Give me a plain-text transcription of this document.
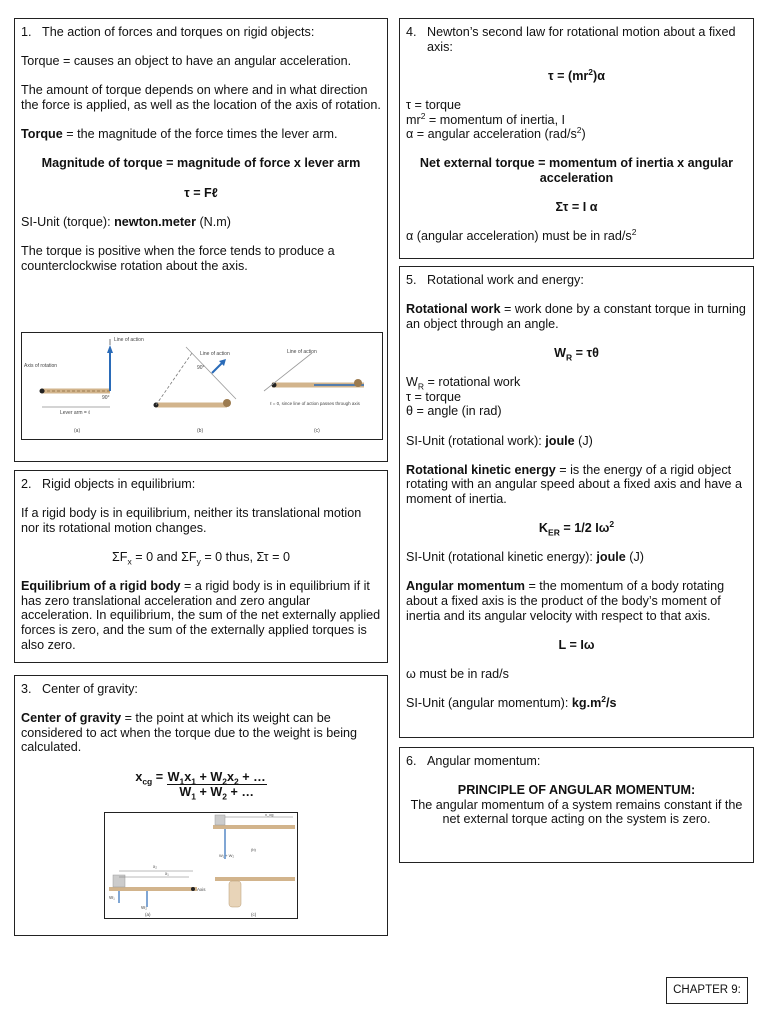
1. The action of forces and torques on rigid objects:

Torque = causes an object to have an angular acceleration.

The amount of torque depends on where and in what direction the force is applied, as well as the location of the axis of rotation.

Torque = the magnitude of the force times the lever arm.

Magnitude of torque = magnitude of force x lever arm

τ = Fℓ

SI-Unit (torque): newton.meter (N.m)

The torque is positive when the force tends to produce a counterclockwise rotation about the axis.

Line of action
Axis of rotation
90°
Lever arm = ℓ
(a)
Line of action
90°
(b)
Line of action
ℓ = 0, since line of action passes through axis
(c)
2. Rigid objects in equilibrium:

If a rigid body is in equilibrium, neither its translational motion nor its rotational motion changes.

$\Sigma F_x = 0$ and $\Sigma F_y = 0$ thus, Στ = 0

Equilibrium of a rigid body = a rigid body is in equilibrium if it has zero translational acceleration and zero angular acceleration. In equilibrium, the sum of the net externally applied forces is zero, and the sum of the externally applied torques is also zero.

3. Center of gravity:

Center of gravity = the point at which its weight can be considered to act when the torque due to the weight is being calculated.

$x_{cg} = \frac{W_1x_1 + W_2x_2 + \dots}{W_1 + W_2 + \dots}$
Axis
x₂
x₁
W₁
W₂
(a)
x_cg
W₁ + W₂
(b)
(c)
4. Newton’s second law for rotational motion about a fixed axis:

$\tau = (mr^2)\alpha$

τ = torque
$mr^2$ = momentum of inertia, I
α = angular acceleration $(rad/s^2)$

Net external torque = momentum of inertia x angular acceleration

Στ = I α

α (angular acceleration) must be in rad/$s^2$

5. Rotational work and energy:

Rotational work = work done by a constant torque in turning an object through an angle.

$W_R = \tau\theta$

$W_R$ = rotational work
τ = torque
θ = angle (in rad)

SI-Unit (rotational work): joule (J)

Rotational kinetic energy = is the energy of a rigid object rotating with an angular speed about a fixed axis and have a moment of inertia.

$K_{ER} = 1/2$ $I\omega^2$

SI-Unit (rotational kinetic energy): joule (J)

Angular momentum = the momentum of a body rotating about a fixed axis is the product of the body’s moment of inertia and its angular velocity with respect to that axis.

L = Iω

ω must be in rad/s

SI-Unit (angular momentum): $kg.m^2/s$

6. Angular momentum:
PRINCIPLE OF ANGULAR MOMENTUM:
The angular momentum of a system remains constant if the net external torque acting on the system is zero.
CHAPTER 9:
